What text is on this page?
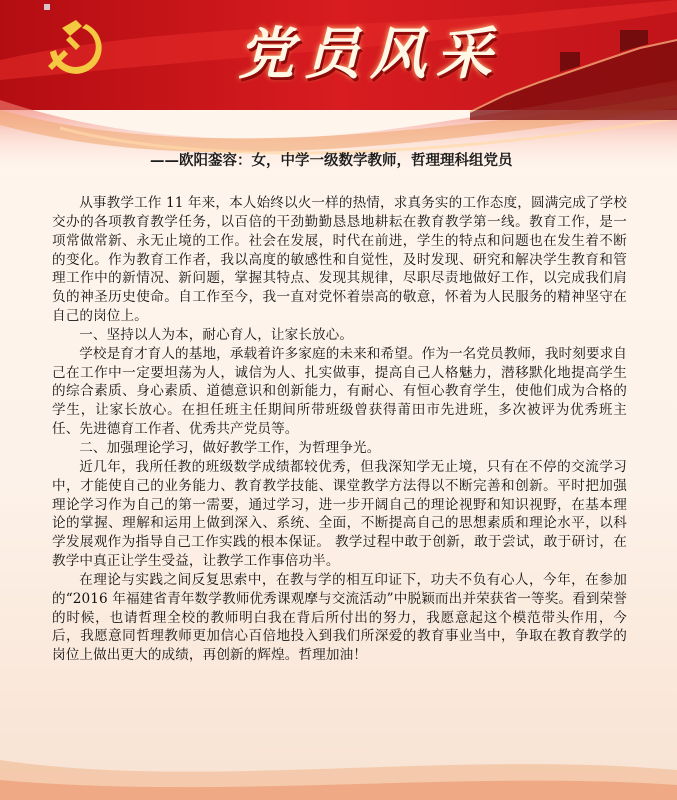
党员风采
——欧阳銮容：女，中学一级数学教师，哲理理科组党员

从事教学工作 11 年来，本人始终以火一样的热情，求真务实的工作态度，圆满完成了学校交办的各项教育教学任务，以百倍的干劲勤勤恳恳地耕耘在教育教学第一线。教育工作，是一项常做常新、永无止境的工作。社会在发展，时代在前进，学生的特点和问题也在发生着不断的变化。作为教育工作者，我以高度的敏感性和自觉性，及时发现、研究和解决学生教育和管理工作中的新情况、新问题，掌握其特点、发现其规律，尽职尽责地做好工作，以完成我们肩负的神圣历史使命。自工作至今，我一直对党怀着崇高的敬意，怀着为人民服务的精神坚守在自己的岗位上。

一、坚持以人为本，耐心育人，让家长放心。

学校是育才育人的基地，承载着许多家庭的未来和希望。作为一名党员教师，我时刻要求自己在工作中一定要坦荡为人，诚信为人、扎实做事，提高自己人格魅力，潜移默化地提高学生的综合素质、身心素质、道德意识和创新能力，有耐心、有恒心教育学生，使他们成为合格的学生，让家长放心。在担任班主任期间所带班级曾获得莆田市先进班，多次被评为优秀班主任、先进德育工作者、优秀共产党员等。

二、加强理论学习，做好教学工作，为哲理争光。

近几年，我所任教的班级数学成绩都较优秀，但我深知学无止境，只有在不停的交流学习中，才能使自己的业务能力、教育教学技能、课堂教学方法得以不断完善和创新。平时把加强理论学习作为自己的第一需要，通过学习，进一步开阔自己的理论视野和知识视野，在基本理论的掌握、理解和运用上做到深入、系统、全面，不断提高自己的思想素质和理论水平，以科学发展观作为指导自己工作实践的根本保证。 教学过程中敢于创新，敢于尝试，敢于研讨，在教学中真正让学生受益，让教学工作事倍功半。

在理论与实践之间反复思索中，在教与学的相互印证下，功夫不负有心人，今年，在参加的“2016 年福建省青年数学教师优秀课观摩与交流活动”中脱颖而出并荣获省一等奖。看到荣誉的时候，也请哲理全校的教师明白我在背后所付出的努力，我愿意起这个模范带头作用，今后，我愿意同哲理教师更加信心百倍地投入到我们所深爱的教育事业当中，争取在教育教学的岗位上做出更大的成绩，再创新的辉煌。哲理加油！
